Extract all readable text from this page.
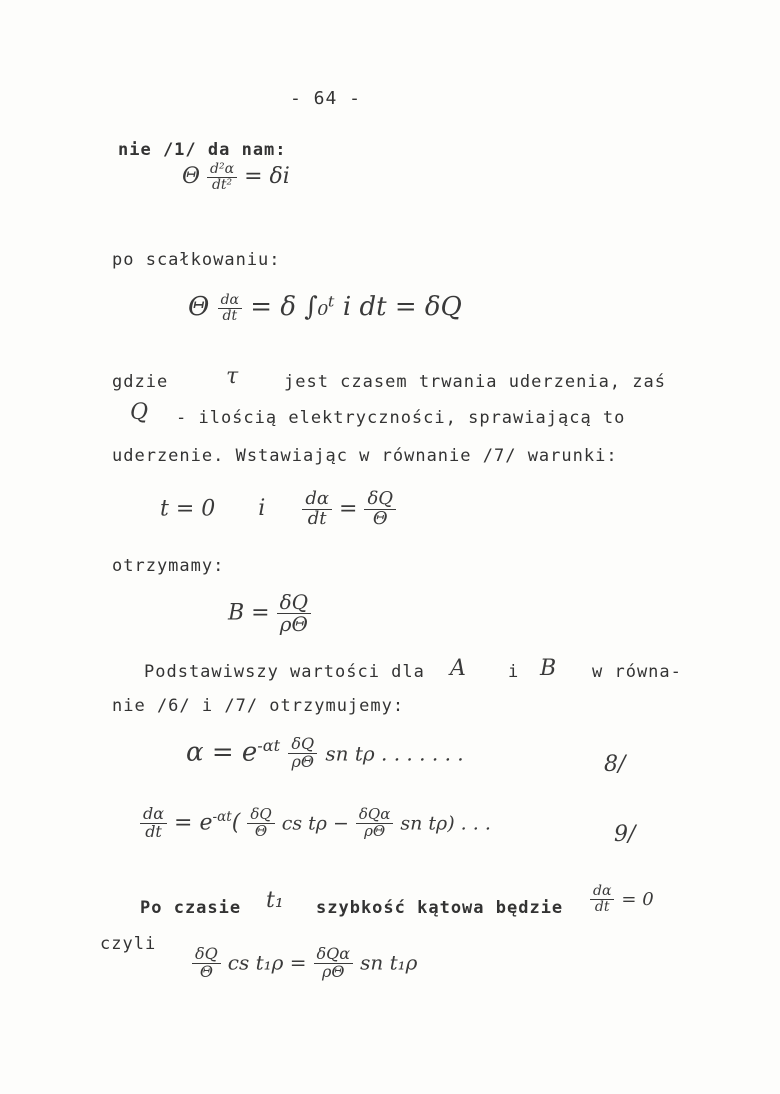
- 64 -
nie /1/ da nam:
Θ $\frac{\text{d²α}}{\text{dt²}} = \delta i$
po scałkowaniu:
Θ $\frac{d\alpha}{dt} = \delta$ ∫₀ᵗ i dt = δQ
gdzie	τ	jest czasem trwania uderzenia, zaś
Q - ilością elektryczności, sprawiającą to
uderzenie. Wstawiając w równanie /7/ warunki:
t = 0 i $\frac{d\alpha}{dt} = \frac{\delta Q}{\Theta}$
otrzymamy:
$B = \frac{\delta Q}{\rho\Theta}$
Podstawiwszy wartości dla A i B w równa-
nie /6/ i /7/ otrzymujemy:
$\alpha = e^{-\alpha t} \frac{\delta Q}{\rho\Theta}$ sn tρ . . . . . . .	8/
$\frac{d\alpha}{dt} = e^{-\alpha t}( \frac{\delta Q}{\Theta}$ cs $t\rho - \frac{\text{δQα}}{\rho\Theta}$ sn tρ) . . .	9/
Po czasie t₁ szybkość kątowa będzie $\frac{d\alpha}{dt} = 0$
czyli
$\frac{\delta Q}{\Theta}$ cs $t_1\rho = \frac{\text{δQα}}{\rho\Theta}$ sn t₁ρ
